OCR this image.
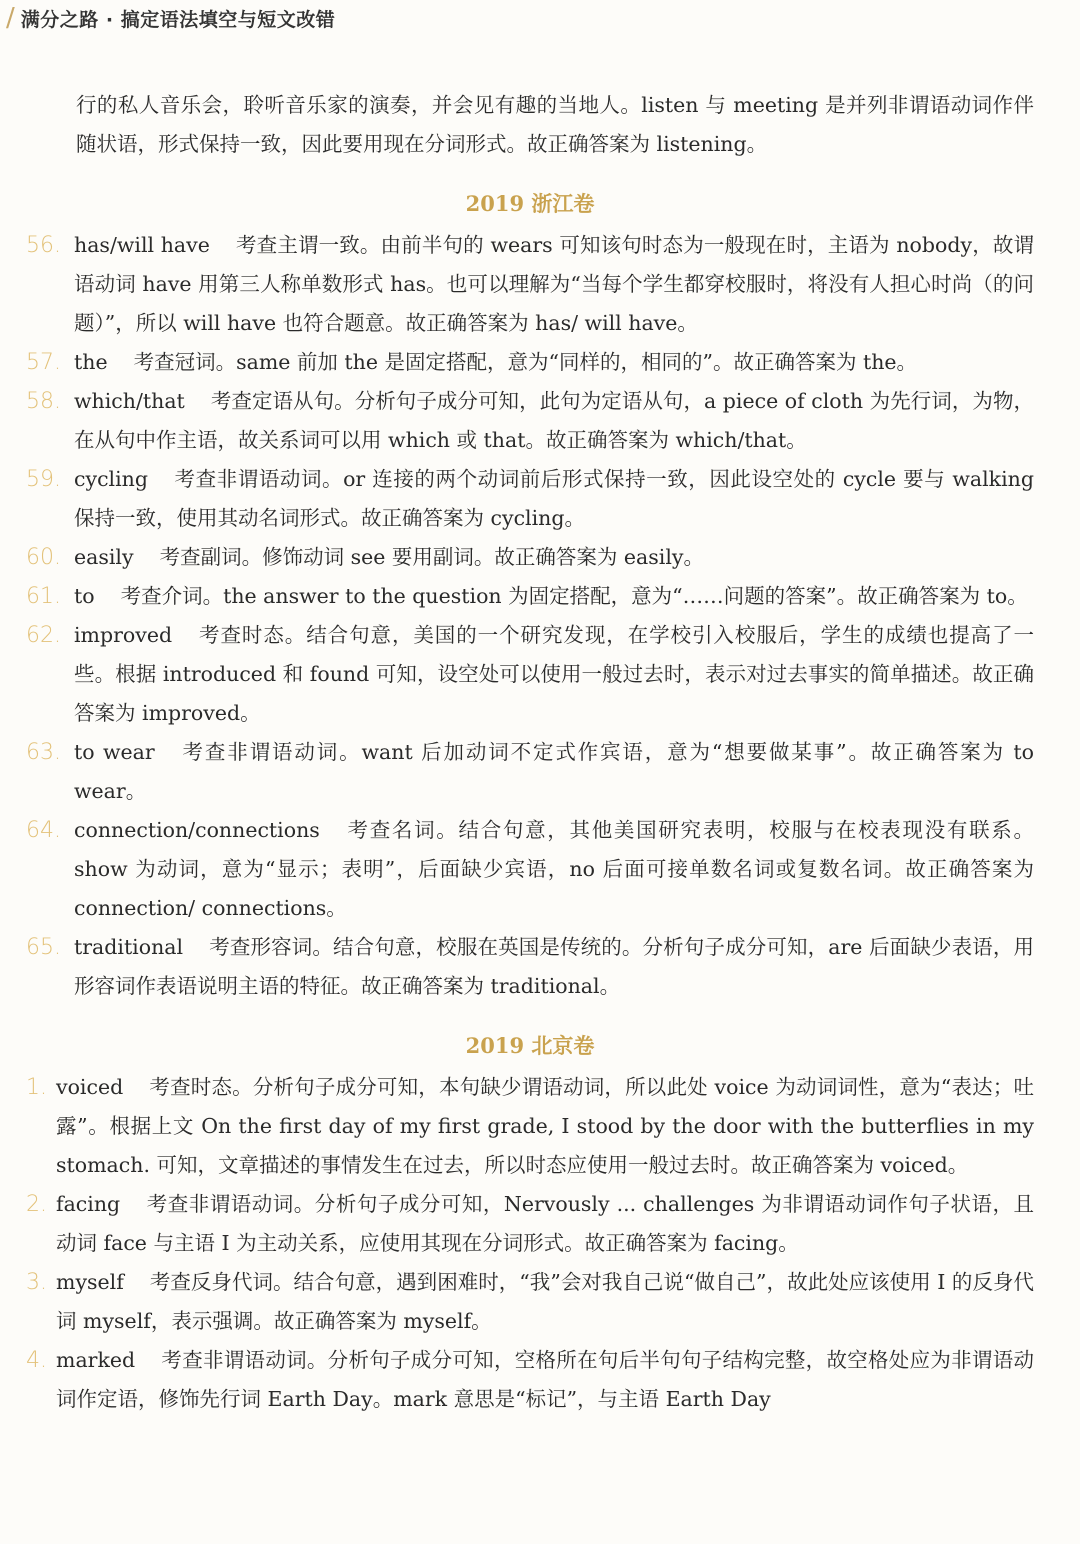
/ 满分之路 · 搞定语法填空与短文改错

行的私人音乐会，聆听音乐家的演奏，并会见有趣的当地人。listen 与 meeting 是并列非谓语动词作伴随状语，形式保持一致，因此要用现在分词形式。故正确答案为 listening。

2019 浙江卷
56. has/will have 考查主谓一致。由前半句的 wears 可知该句时态为一般现在时，主语为 nobody，故谓语动词 have 用第三人称单数形式 has。也可以理解为“当每个学生都穿校服时，将没有人担心时尚（的问题）”，所以 will have 也符合题意。故正确答案为 has/ will have。
57. the 考查冠词。same 前加 the 是固定搭配，意为“同样的，相同的”。故正确答案为 the。
58. which/that 考查定语从句。分析句子成分可知，此句为定语从句，a piece of cloth 为先行词，为物，在从句中作主语，故关系词可以用 which 或 that。故正确答案为 which/that。
59. cycling 考查非谓语动词。or 连接的两个动词前后形式保持一致，因此设空处的 cycle 要与 walking 保持一致，使用其动名词形式。故正确答案为 cycling。
60. easily 考查副词。修饰动词 see 要用副词。故正确答案为 easily。
61. to 考查介词。the answer to the question 为固定搭配，意为“……问题的答案”。故正确答案为 to。
62. improved 考查时态。结合句意，美国的一个研究发现，在学校引入校服后，学生的成绩也提高了一些。根据 introduced 和 found 可知，设空处可以使用一般过去时，表示对过去事实的简单描述。故正确答案为 improved。
63. to wear 考查非谓语动词。want 后加动词不定式作宾语，意为“想要做某事”。故正确答案为 to wear。
64. connection/connections 考查名词。结合句意，其他美国研究表明，校服与在校表现没有联系。show 为动词，意为“显示；表明”，后面缺少宾语，no 后面可接单数名词或复数名词。故正确答案为 connection/ connections。
65. traditional 考查形容词。结合句意，校服在英国是传统的。分析句子成分可知，are 后面缺少表语，用形容词作表语说明主语的特征。故正确答案为 traditional。
2019 北京卷
1. voiced 考查时态。分析句子成分可知，本句缺少谓语动词，所以此处 voice 为动词词性，意为“表达；吐露”。根据上文 On the first day of my first grade, I stood by the door with the butterflies in my stomach. 可知，文章描述的事情发生在过去，所以时态应使用一般过去时。故正确答案为 voiced。
2. facing 考查非谓语动词。分析句子成分可知，Nervously ... challenges 为非谓语动词作句子状语，且动词 face 与主语 I 为主动关系，应使用其现在分词形式。故正确答案为 facing。
3. myself 考查反身代词。结合句意，遇到困难时，“我”会对我自己说“做自己”，故此处应该使用 I 的反身代词 myself，表示强调。故正确答案为 myself。
4. marked 考查非谓语动词。分析句子成分可知，空格所在句后半句句子结构完整，故空格处应为非谓语动词作定语，修饰先行词 Earth Day。mark 意思是“标记”，与主语 Earth Day
